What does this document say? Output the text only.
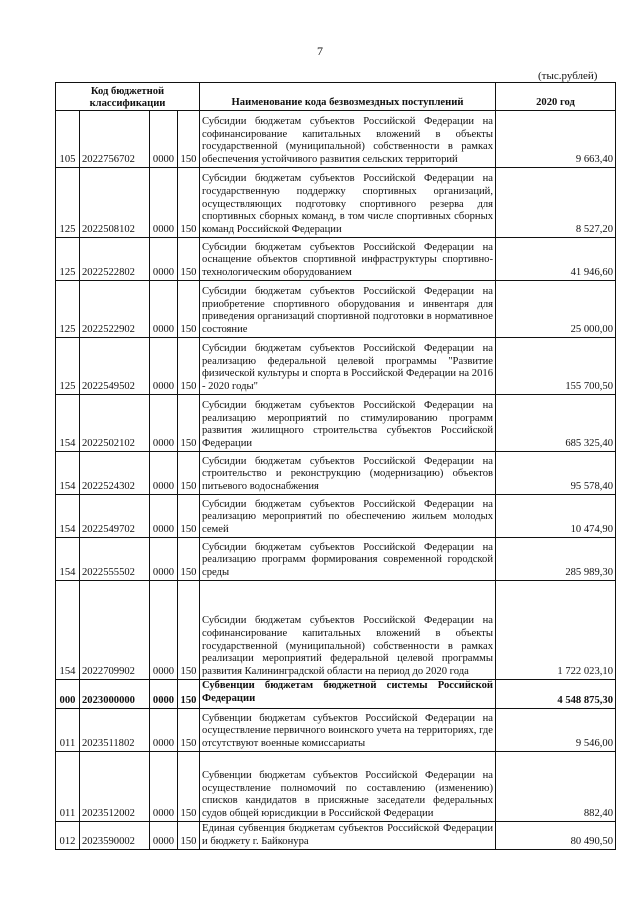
7
(тыс.рублей)
Код бюджетной классификации				Наименование кода безвозмездных поступлений	2020 год
105	2022756702	0000	150	Субсидии бюджетам субъектов Российской Федерации на софинансирование капитальных вложений в объекты государственной (муниципальной) собственности в рамках обеспечения устойчивого развития сельских территорий	9 663,40
125	2022508102	0000	150	Субсидии бюджетам субъектов Российской Федерации на государственную поддержку спортивных организаций, осуществляющих подготовку спортивного резерва для спортивных сборных команд, в том числе спортивных сборных команд Российской Федерации	8 527,20
125	2022522802	0000	150	Субсидии бюджетам субъектов Российской Федерации на оснащение объектов спортивной инфраструктуры спортивно-технологическим оборудованием	41 946,60
125	2022522902	0000	150	Субсидии бюджетам субъектов Российской Федерации на приобретение спортивного оборудования и инвентаря для приведения организаций спортивной подготовки в нормативное состояние	25 000,00
125	2022549502	0000	150	Субсидии бюджетам субъектов Российской Федерации на реализацию федеральной целевой программы "Развитие физической культуры и спорта в Российской Федерации на 2016 - 2020 годы"	155 700,50
154	2022502102	0000	150	Субсидии бюджетам субъектов Российской Федерации на реализацию мероприятий по стимулированию программ развития жилищного строительства субъектов Российской Федерации	685 325,40
154	2022524302	0000	150	Субсидии бюджетам субъектов Российской Федерации на строительство и реконструкцию (модернизацию) объектов питьевого водоснабжения	95 578,40
154	2022549702	0000	150	Субсидии бюджетам субъектов Российской Федерации на реализацию мероприятий по обеспечению жильем молодых семей	10 474,90
154	2022555502	0000	150	Субсидии бюджетам субъектов Российской Федерации на реализацию программ формирования современной городской среды	285 989,30
154	2022709902	0000	150	Субсидии бюджетам субъектов Российской Федерации на софинансирование капитальных вложений в объекты государственной (муниципальной) собственности в рамках реализации мероприятий федеральной целевой программы развития Калининградской области на период до 2020 года	1 722 023,10
000	2023000000	0000	150	Субвенции бюджетам бюджетной системы Российской Федерации	4 548 875,30
011	2023511802	0000	150	Субвенции бюджетам субъектов Российской Федерации на осуществление первичного воинского учета на территориях, где отсутствуют военные комиссариаты	9 546,00
011	2023512002	0000	150	Субвенции бюджетам субъектов Российской Федерации на осуществление полномочий по составлению (изменению) списков кандидатов в присяжные заседатели федеральных судов общей юрисдикции в Российской Федерации	882,40
012	2023590002	0000	150	Единая субвенция бюджетам субъектов Российской Федерации и бюджету г. Байконура	80 490,50
